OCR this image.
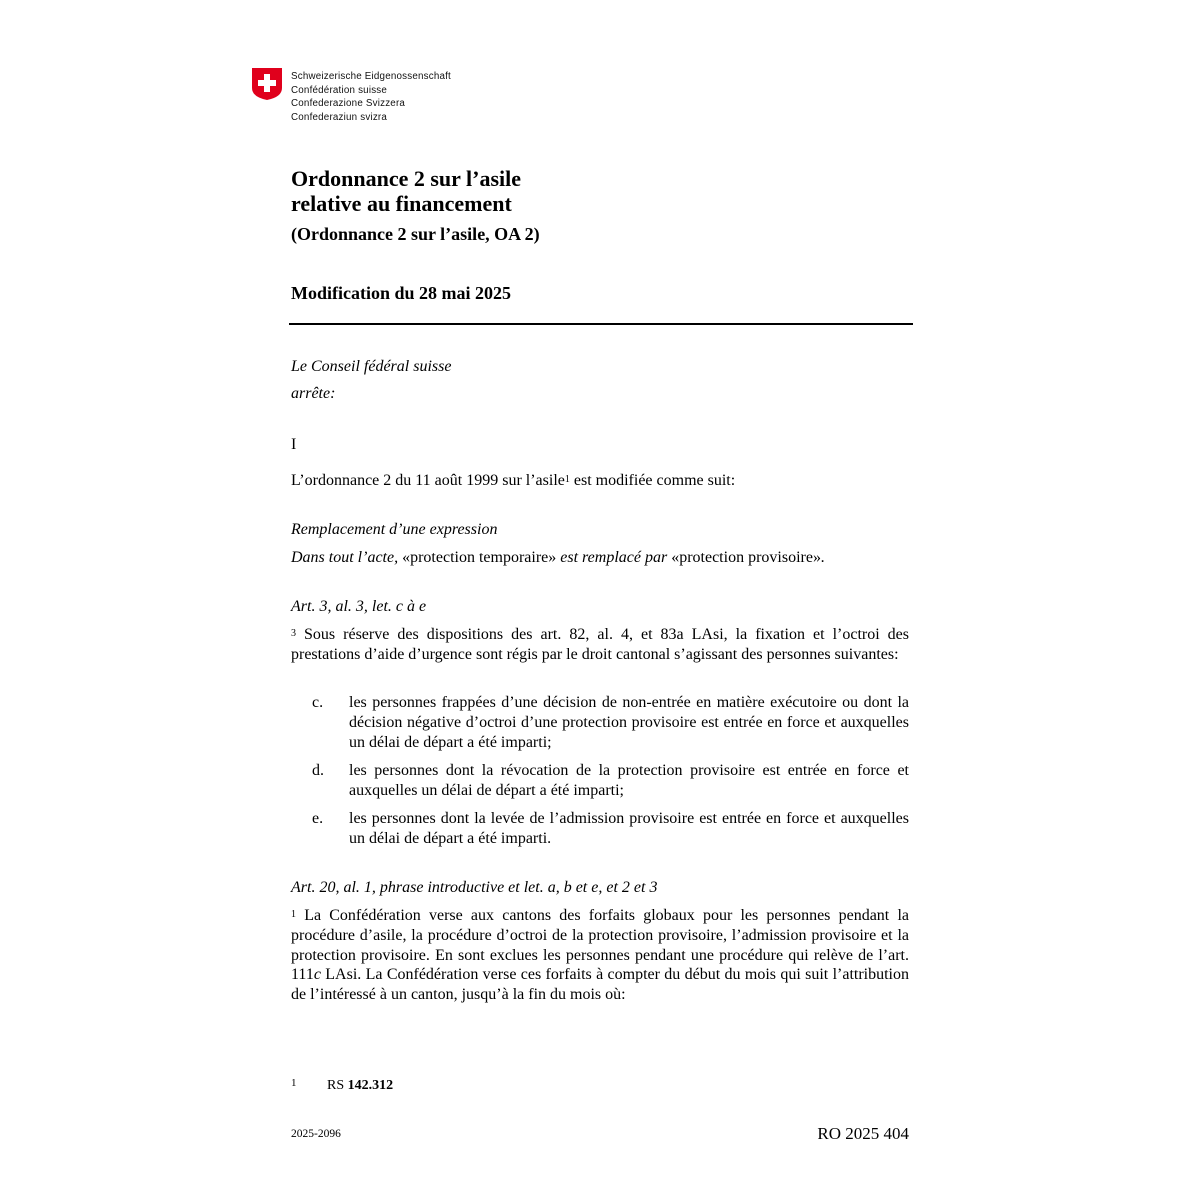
Schweizerische Eidgenossenschaft
Confédération suisse
Confederazione Svizzera
Confederaziun svizra
Ordonnance 2 sur l’asile
relative au financement
(Ordonnance 2 sur l’asile, OA 2)
Modification du 28 mai 2025
Le Conseil fédéral suisse
arrête:
I
L’ordonnance 2 du 11 août 1999 sur l’asile$^1$ est modifiée comme suit:
Remplacement d’une expression
Dans tout l’acte, «protection temporaire» est remplacé par «protection provisoire».
Art. 3, al. 3, let. c à e
$^3$ Sous réserve des dispositions des art. 82, al. 4, et 83a LAsi, la fixation et l’octroi des prestations d’aide d’urgence sont régis par le droit cantonal s’agissant des personnes suivantes:
c. les personnes frappées d’une décision de non-entrée en matière exécutoire ou dont la décision négative d’octroi d’une protection provisoire est entrée en force et auxquelles un délai de départ a été imparti;
d. les personnes dont la révocation de la protection provisoire est entrée en force et auxquelles un délai de départ a été imparti;
e. les personnes dont la levée de l’admission provisoire est entrée en force et auxquelles un délai de départ a été imparti.
Art. 20, al. 1, phrase introductive et let. a, b et e, et 2 et 3
$^1$ La Confédération verse aux cantons des forfaits globaux pour les personnes pendant la procédure d’asile, la procédure d’octroi de la protection provisoire, l’admission provisoire et la protection provisoire. En sont exclues les personnes pendant une procédure qui relève de l’art. 111c LAsi. La Confédération verse ces forfaits à compter du début du mois qui suit l’attribution de l’intéressé à un canton, jusqu’à la fin du mois où:
1 RS 142.312
2025-2096	RO 2025 404
